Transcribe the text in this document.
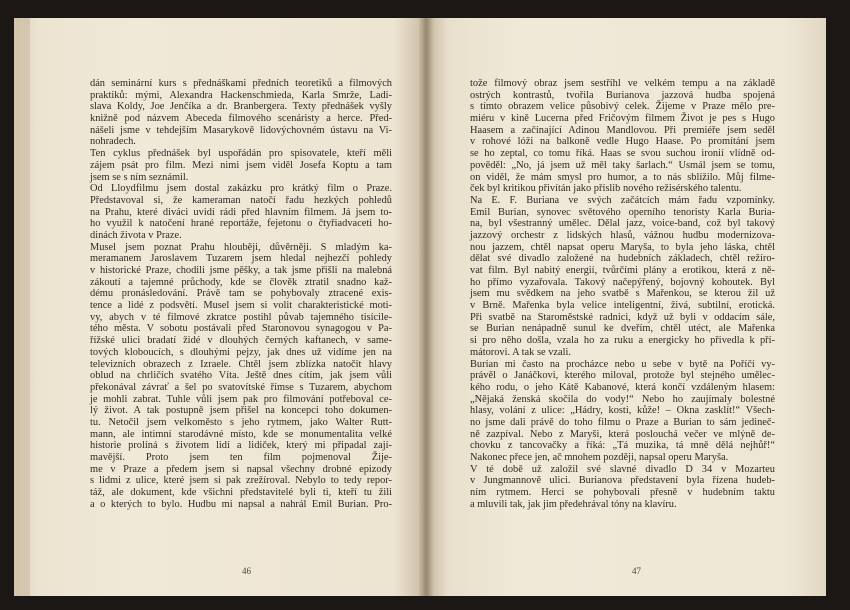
dán seminární kurs s přednáškami předních teoretiků a filmových
praktiků: mými, Alexandra Hackenschmieda, Karla Smrže, Ladi-
slava Koldy, Joe Jenčíka a dr. Branbergera. Texty přednášek vyšly
knižně pod názvem Abeceda filmového scenáristy a herce. Před-
nášeli jsme v tehdejším Masarykově lidovýchovném ústavu na Vi-
nohradech.
Ten cyklus přednášek byl uspořádán pro spisovatele, kteří měli
zájem psát pro film. Mezi nimi jsem viděl Josefa Koptu a tam
jsem se s ním seznámil.
Od Lloydfilmu jsem dostal zakázku pro krátký film o Praze.
Představoval si, že kameraman natočí řadu hezkých pohledů
na Prahu, které diváci uvidí rádi před hlavním filmem. Já jsem to-
ho využil k natočení hrané reportáže, fejetonu o čtyřiadvaceti ho-
dinách života v Praze.
Musel jsem poznat Prahu hlouběji, důvěrněji. S mladým ka-
meramanem Jaroslavem Tuzarem jsem hledal nejhezčí pohledy
v historické Praze, chodili jsme pěšky, a tak jsme přišli na malebná
zákoutí a tajemné průchody, kde se člověk ztratil snadno kaž-
dému pronásledování. Právě tam se pohybovaly ztracené exis-
tence a lidé z podsvětí. Musel jsem si volit charakteristické moti-
vy, abych v té filmové zkratce postihl půvab tajemného tisícile-
tého města. V sobotu postávali před Staronovou synagogou v Pa-
řížské ulici bradatí židé v dlouhých černých kaftanech, v same-
tových kloboucích, s dlouhými pejzy, jak dnes už vidíme jen na
televizních obrazech z Izraele. Chtěl jsem zblízka natočit hlavy
oblud na chrličích svatého Víta. Ještě dnes cítím, jak jsem vůli
překonával závrať a šel po svatovítské římse s Tuzarem, abychom
je mohli zabrat. Tuhle vůli jsem pak pro filmování potřeboval ce-
lý život. A tak postupně jsem přišel na koncepci toho dokumen-
tu. Netočil jsem velkoměsto s jeho rytmem, jako Walter Rutt-
mann, ale intimní starodávné místo, kde se monumentalita velké
historie prolíná s životem lidí a lidiček, který mi připadal zají-
mavější. Proto jsem ten film pojmenoval Žije-
me v Praze a předem jsem si napsal všechny drobné epizody
s lidmi z ulice, které jsem si pak zrežíroval. Nebylo to tedy repor-
táž, ale dokument, kde všichni představitelé byli ti, kteří tu žili
a o kterých to bylo. Hudbu mi napsal a nahrál Emil Burian. Pro-
46
tože filmový obraz jsem sestříhl ve velkém tempu a na základě
ostrých kontrastů, tvořila Burianova jazzová hudba spojená
s tímto obrazem velice působivý celek. Žijeme v Praze mělo pre-
miéru v kině Lucerna před Fričovým filmem Život je pes s Hugo
Haasem a začínající Adinou Mandlovou. Při premiéře jsem seděl
v rohové lóži na balkoně vedle Hugo Haase. Po promítání jsem
se ho zeptal, co tomu říká. Haas se svou suchou ironií vlídně od-
pověděl: „No, já jsem už měl taky šarlach.“ Usmál jsem se tomu,
on viděl, že mám smysl pro humor, a to nás sblížilo. Můj filme-
ček byl kritikou přivítán jako příslib nového režisérského talentu.
Na E. F. Buriana ve svých začátcích mám řadu vzpomínky.
Emil Burian, synovec světového operního tenoristy Karla Buria-
na, byl všestranný umělec. Dělal jazz, voice-band, což byl takový
jazzový orchestr z lidských hlasů, vážnou hudbu modernizova-
nou jazzem, chtěl napsat operu Maryša, to byla jeho láska, chtěl
dělat své divadlo založené na hudebních základech, chtěl režíro-
vat film. Byl nabitý energií, tvůrčími plány a erotikou, která z ně-
ho přímo vyzařovala. Takový načepýřený, bojovný kohoutek. Byl
jsem mu svědkem na jeho svatbě s Mařenkou, se kterou žil už
v Brně. Mařenka byla velice inteligentní, živá, subtilní, erotická.
Při svatbě na Staroměstské radnici, když už byli v oddacím sále,
se Burian nenápadně sunul ke dveřím, chtěl utéct, ale Mařenka
si pro něho došla, vzala ho za ruku a energicky ho přivedla k pří-
mátorovi. A tak se vzali.
Burian mi často na procházce nebo u sebe v bytě na Poříčí vy-
právěl o Janáčkovi, kterého miloval, protože byl stejného umělec-
kého rodu, o jeho Kátě Kabanové, která končí vzdáleným hlasem:
„Nějaká ženská skočila do vody!“ Nebo ho zaujímaly bolestné
hlasy, volání z ulice: „Hádry, kosti, kůže! – Okna zasklít!“ Všech-
no jsme dali právě do toho filmu o Praze a Burian to sám jedineč-
ně zazpíval. Nebo z Maryši, která poslouchá večer ve mlýně de-
chovku z tancovačky a říká: „Tá muzika, tá mně dělá nejhůř!“
Nakonec přece jen, ač mnohem později, napsal operu Maryša.
V té době už založil své slavné divadlo D 34 v Mozarteu
v Jungmannově ulici. Burianova představení byla řízena hudeb-
ním rytmem. Herci se pohybovali přesně v hudebním taktu
a mluvili tak, jak jim předehrával tóny na klavíru.
47
